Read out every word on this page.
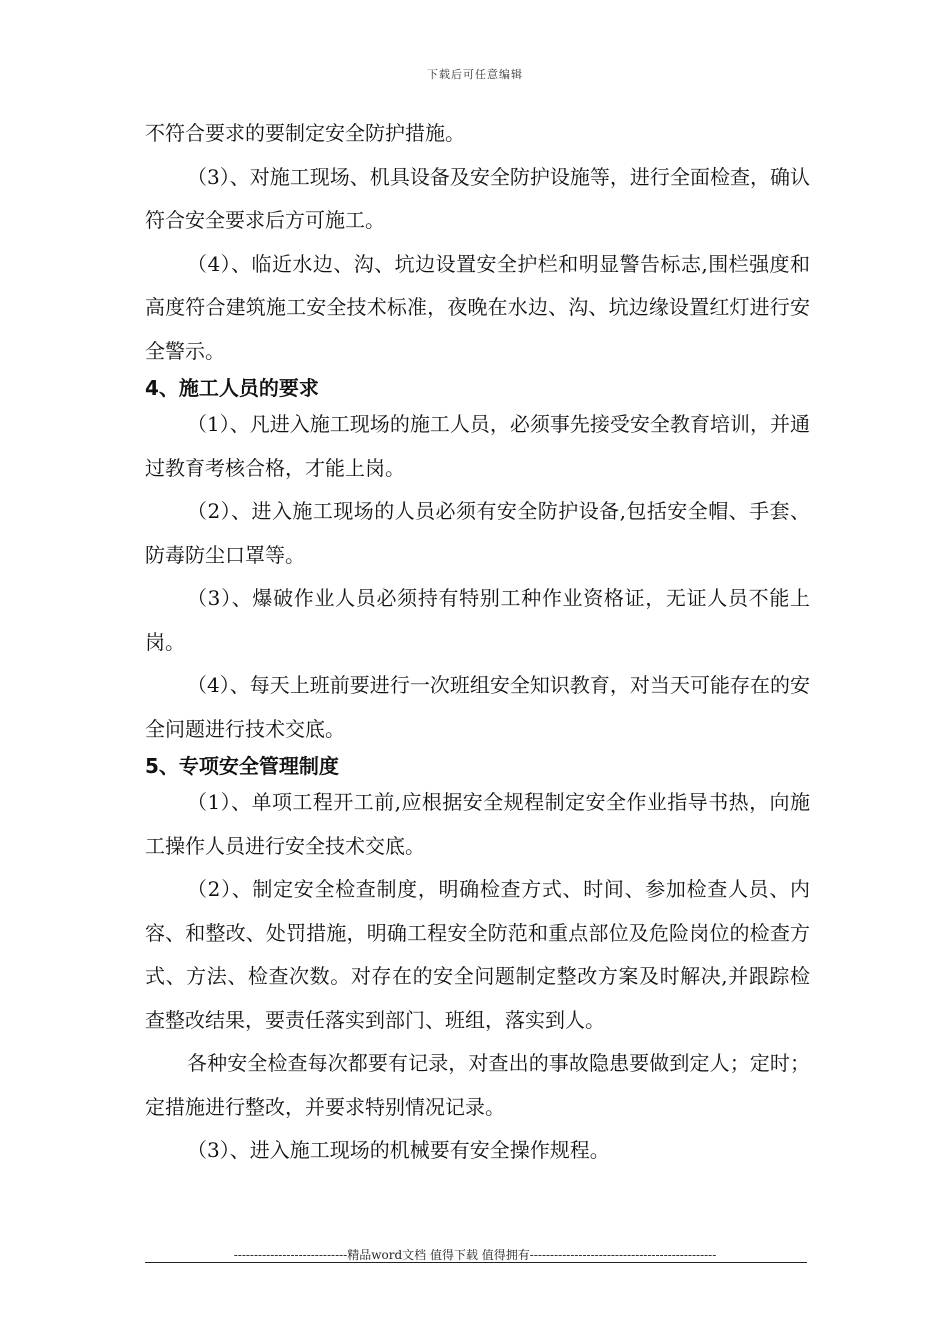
下载后可任意编辑

不符合要求的要制定安全防护措施。

（3）、对施工现场、机具设备及安全防护设施等，进行全面检查，确认符合安全要求后方可施工。

（4）、临近水边、沟、坑边设置安全护栏和明显警告标志,围栏强度和高度符合建筑施工安全技术标准，夜晚在水边、沟、坑边缘设置红灯进行安全警示。

4、施工人员的要求

（1）、凡进入施工现场的施工人员，必须事先接受安全教育培训，并通过教育考核合格，才能上岗。

（2）、进入施工现场的人员必须有安全防护设备,包括安全帽、手套、防毒防尘口罩等。

（3）、爆破作业人员必须持有特别工种作业资格证，无证人员不能上岗。

（4）、每天上班前要进行一次班组安全知识教育，对当天可能存在的安全问题进行技术交底。

5、专项安全管理制度

（1）、单项工程开工前,应根据安全规程制定安全作业指导书热，向施工操作人员进行安全技术交底。

（2）、制定安全检查制度，明确检查方式、时间、参加检查人员、内容、和整改、处罚措施，明确工程安全防范和重点部位及危险岗位的检查方式、方法、检查次数。对存在的安全问题制定整改方案及时解决,并跟踪检查整改结果，要责任落实到部门、班组，落实到人。

各种安全检查每次都要有记录，对查出的事故隐患要做到定人；定时；定措施进行整改，并要求特别情况记录。

（3）、进入施工现场的机械要有安全操作规程。

----------------------------精品word文档 值得下载 值得拥有----------------------------------------------
